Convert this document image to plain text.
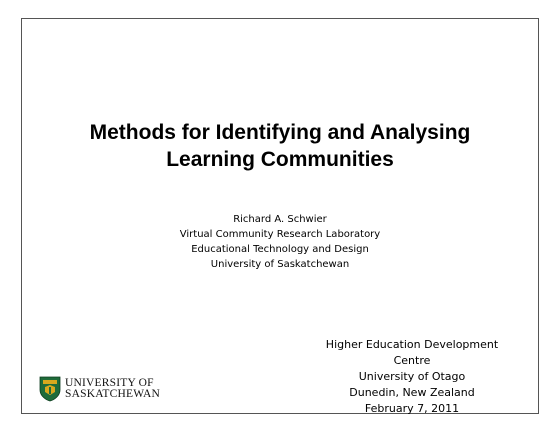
Methods for Identifying and Analysing
Learning Communities
Richard A. Schwier
Virtual Community Research Laboratory
Educational Technology and Design
University of Saskatchewan
Higher Education Development Centre
University of Otago
Dunedin, New Zealand
February 7, 2011
UNIVERSITY OF
SASKATCHEWAN
